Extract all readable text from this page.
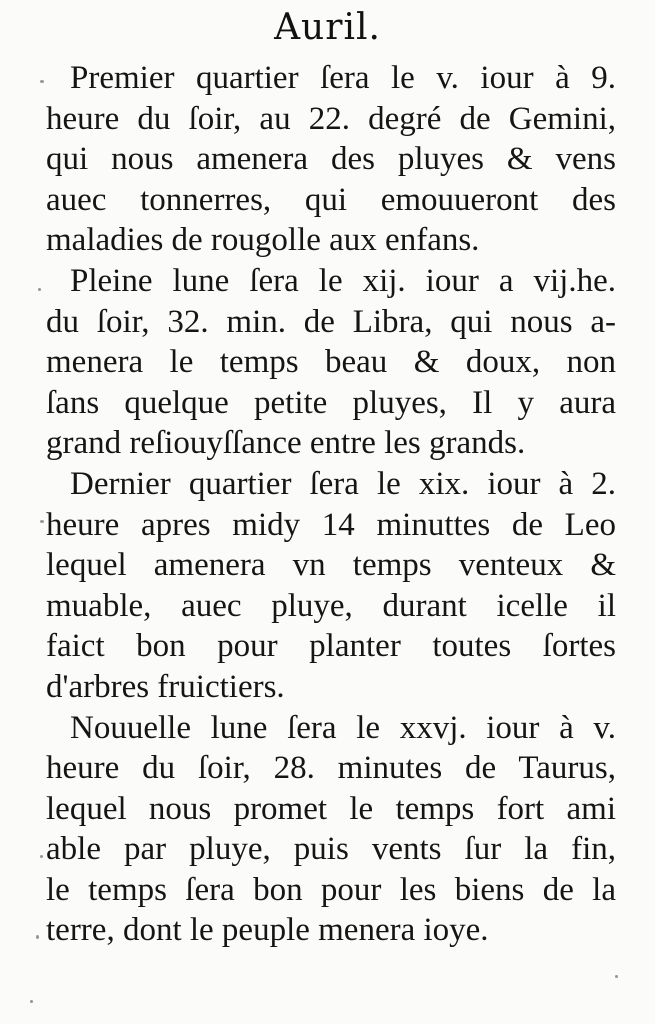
Auril.
Premier quartier ſera le v. iour à 9.
heure du ſoir, au 22. degré de Gemini,
qui nous amenera des pluyes & vens
auec tonnerres, qui emouueront des
maladies de rougolle aux enfans.
Pleine lune ſera le xij. iour a vij.he.
du ſoir, 32. min. de Libra, qui nous a-
menera le temps beau & doux, non
ſans quelque petite pluyes, Il y aura
grand reſiouyſſance entre les grands.
Dernier quartier ſera le xix. iour à 2.
heure apres midy 14 minuttes de Leo
lequel amenera vn temps venteux &
muable, auec pluye, durant icelle il
faict bon pour planter toutes ſortes
d'arbres fruictiers.
Nouuelle lune ſera le xxvj. iour à v.
heure du ſoir, 28. minutes de Taurus,
lequel nous promet le temps fort ami
able par pluye, puis vents ſur la fin,
le temps ſera bon pour les biens de la
terre, dont le peuple menera ioye.
